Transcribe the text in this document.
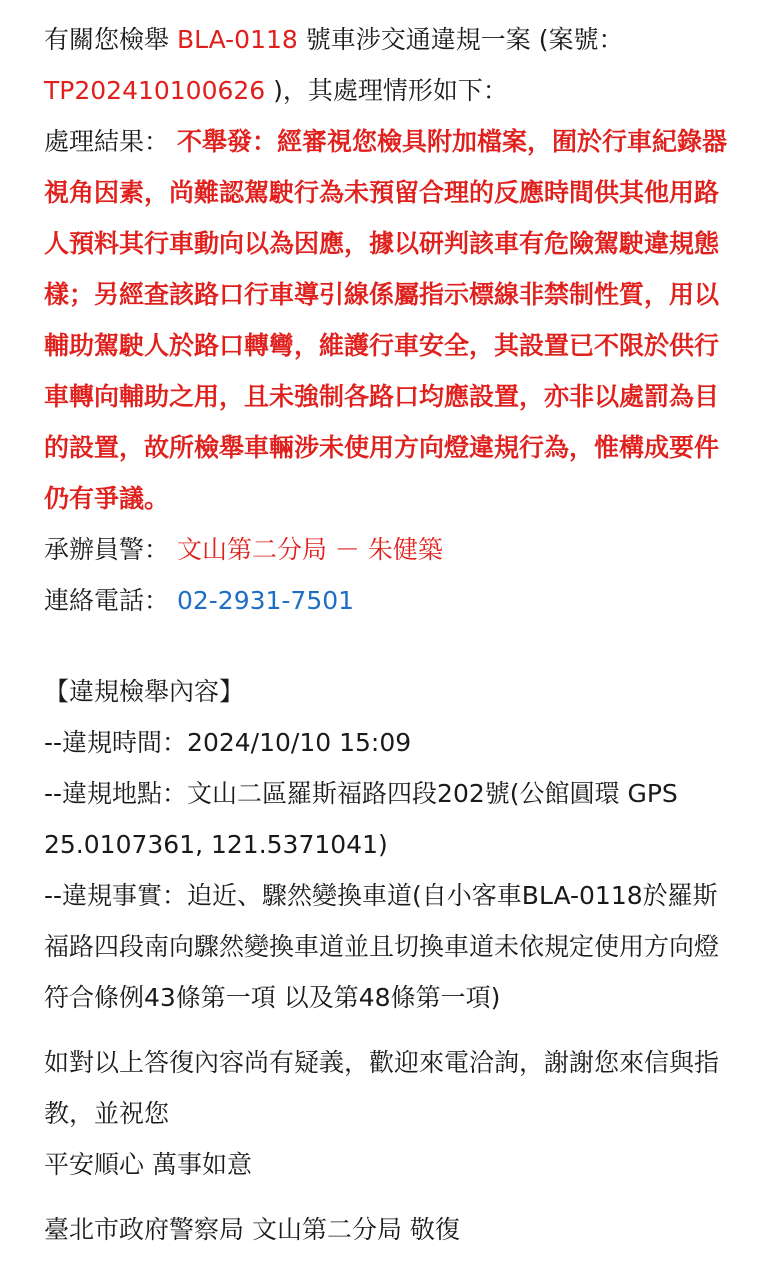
有關您檢舉 BLA-0118 號車涉交通違規一案 (案號：
TP202410100626 )，其處理情形如下：

處理結果： 不舉發：經審視您檢具附加檔案，囿於行車紀錄器視角因素，尚難認駕駛行為未預留合理的反應時間供其他用路人預料其行車動向以為因應，據以研判該車有危險駕駛違規態樣；另經查該路口行車導引線係屬指示標線非禁制性質，用以輔助駕駛人於路口轉彎，維護行車安全，其設置已不限於供行車轉向輔助之用，且未強制各路口均應設置，亦非以處罰為目的設置，故所檢舉車輛涉未使用方向燈違規行為，惟構成要件仍有爭議。

承辦員警： 文山第二分局 － 朱健築

連絡電話： 02-2931-7501

【違規檢舉內容】

--違規時間：2024/10/10 15:09

--違規地點：文山二區羅斯福路四段202號(公館圓環 GPS 25.0107361, 121.5371041)

--違規事實：迫近、驟然變換車道(自小客車BLA-0118於羅斯福路四段南向驟然變換車道並且切換車道未依規定使用方向燈符合條例43條第一項 以及第48條第一項)

如對以上答復內容尚有疑義，歡迎來電洽詢，謝謝您來信與指教，並祝您

平安順心 萬事如意

臺北市政府警察局 文山第二分局 敬復
